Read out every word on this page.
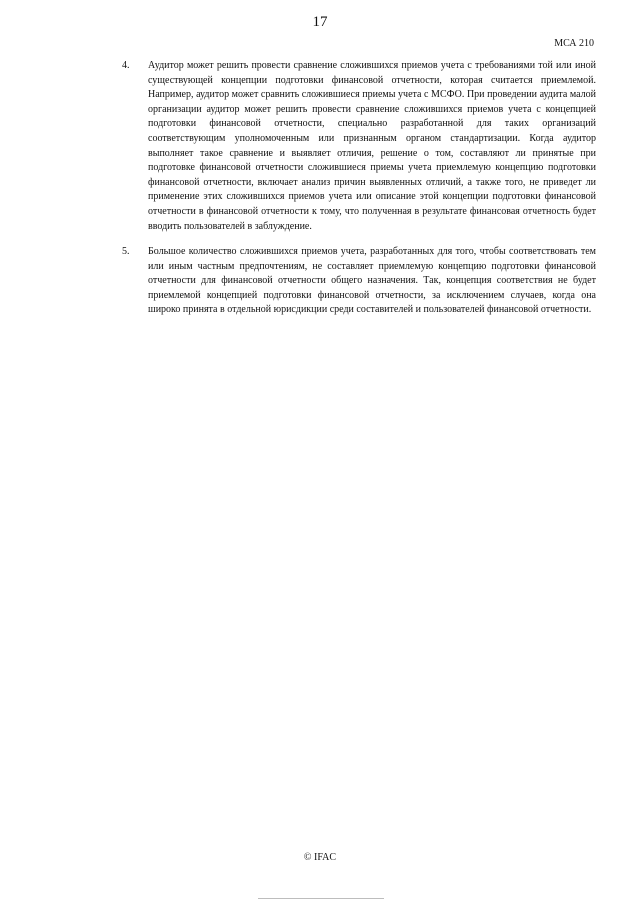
17
МСА 210
4. Аудитор может решить провести сравнение сложившихся приемов учета с требованиями той или иной существующей концепции подготовки финансовой отчетности, которая считается приемлемой. Например, аудитор может сравнить сложившиеся приемы учета с МСФО. При проведении аудита малой организации аудитор может решить провести сравнение сложившихся приемов учета с концепцией подготовки финансовой отчетности, специально разработанной для таких организаций соответствующим уполномоченным или признанным органом стандартизации. Когда аудитор выполняет такое сравнение и выявляет отличия, решение о том, составляют ли принятые при подготовке финансовой отчетности сложившиеся приемы учета приемлемую концепцию подготовки финансовой отчетности, включает анализ причин выявленных отличий, а также того, не приведет ли применение этих сложившихся приемов учета или описание этой концепции подготовки финансовой отчетности в финансовой отчетности к тому, что полученная в результате финансовая отчетность будет вводить пользователей в заблуждение.
5. Большое количество сложившихся приемов учета, разработанных для того, чтобы соответствовать тем или иным частным предпочтениям, не составляет приемлемую концепцию подготовки финансовой отчетности для финансовой отчетности общего назначения. Так, концепция соответствия не будет приемлемой концепцией подготовки финансовой отчетности, за исключением случаев, когда она широко принята в отдельной юрисдикции среди составителей и пользователей финансовой отчетности.
© IFAC
